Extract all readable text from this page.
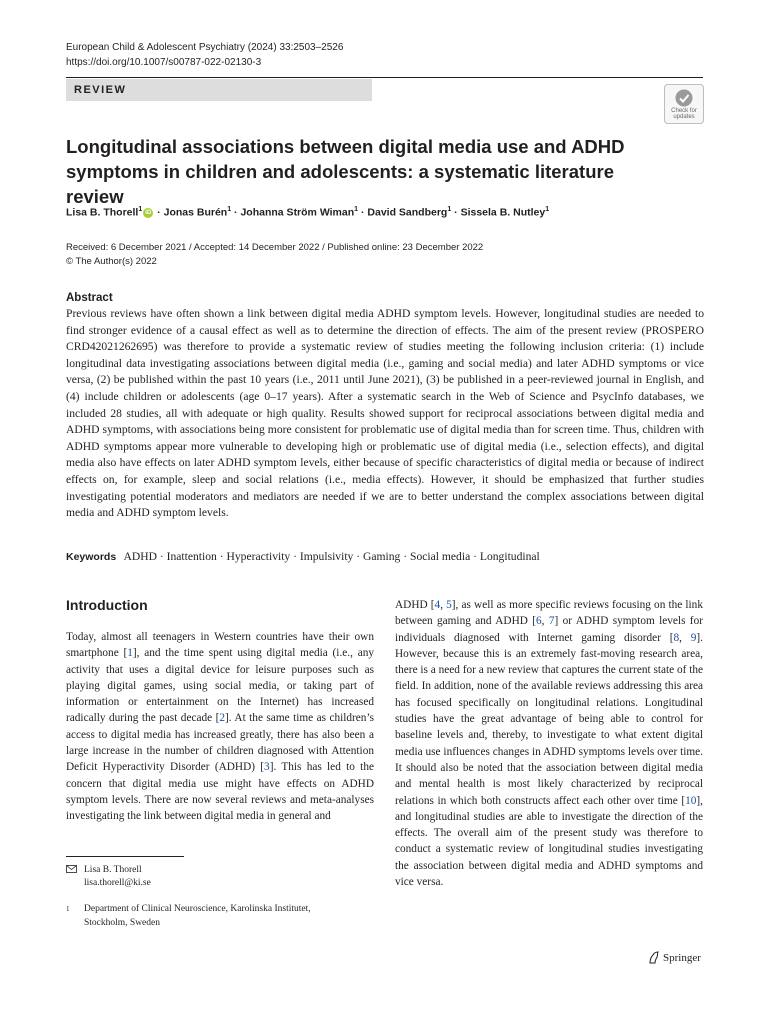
European Child & Adolescent Psychiatry (2024) 33:2503–2526
https://doi.org/10.1007/s00787-022-02130-3
REVIEW
Check for
updates
Longitudinal associations between digital media use and ADHD symptoms in children and adolescents: a systematic literature review
Lisa B. Thorell$^1$ iD · Jonas Burén$^1$ · Johanna Ström Wiman$^1$ · David Sandberg$^1$ · Sissela B. Nutley$^1$
Received: 6 December 2021 / Accepted: 14 December 2022 / Published online: 23 December 2022
© The Author(s) 2022
Abstract

Previous reviews have often shown a link between digital media ADHD symptom levels. However, longitudinal studies are needed to find stronger evidence of a causal effect as well as to determine the direction of effects. The aim of the present review (PROSPERO CRD42021262695) was therefore to provide a systematic review of studies meeting the following inclusion criteria: (1) include longitudinal data investigating associations between digital media (i.e., gaming and social media) and later ADHD symptoms or vice versa, (2) be published within the past 10 years (i.e., 2011 until June 2021), (3) be published in a peer-reviewed journal in English, and (4) include children or adolescents (age 0–17 years). After a systematic search in the Web of Science and PsycInfo databases, we included 28 studies, all with adequate or high quality. Results showed support for reciprocal associations between digital media and ADHD symptoms, with associations being more consistent for problematic use of digital media than for screen time. Thus, children with ADHD symptoms appear more vulnerable to developing high or problematic use of digital media (i.e., selection effects), and digital media also have effects on later ADHD symptom levels, either because of specific characteristics of digital media or because of indirect effects on, for example, sleep and social relations (i.e., media effects). However, it should be emphasized that further studies investigating potential moderators and mediators are needed if we are to better understand the complex associations between digital media and ADHD symptom levels.

Keywords ADHD · Inattention · Hyperactivity · Impulsivity · Gaming · Social media · Longitudinal
Introduction

Today, almost all teenagers in Western countries have their own smartphone [1], and the time spent using digital media (i.e., any activity that uses a digital device for leisure purposes such as playing digital games, using social media, or taking part of information or entertainment on the Internet) has increased radically during the past decade [2]. At the same time as children’s access to digital media has increased greatly, there has also been a large increase in the number of children diagnosed with Attention Deficit Hyperactivity Disorder (ADHD) [3]. This has led to the concern that digital media use might have effects on ADHD symptom levels. There are now several reviews and meta-analyses investigating the link between digital media in general and

ADHD [4, 5], as well as more specific reviews focusing on the link between gaming and ADHD [6, 7] or ADHD symptom levels for individuals diagnosed with Internet gaming disorder [8, 9]. However, because this is an extremely fast-moving research area, there is a need for a new review that captures the current state of the field. In addition, none of the available reviews addressing this area has focused specifically on longitudinal relations. Longitudinal studies have the great advantage of being able to control for baseline levels and, thereby, to investigate to what extent digital media use influences changes in ADHD symptoms levels over time. It should also be noted that the association between digital media and mental health is most likely characterized by reciprocal relations in which both constructs affect each other over time [10], and longitudinal studies are able to investigate the direction of the effects. The overall aim of the present study was therefore to conduct a systematic review of longitudinal studies investigating the association between digital media and ADHD symptoms and vice versa.

Lisa B. Thorell
lisa.thorell@ki.se
1 Department of Clinical Neuroscience, Karolinska Institutet,
Stockholm, Sweden
Springer
